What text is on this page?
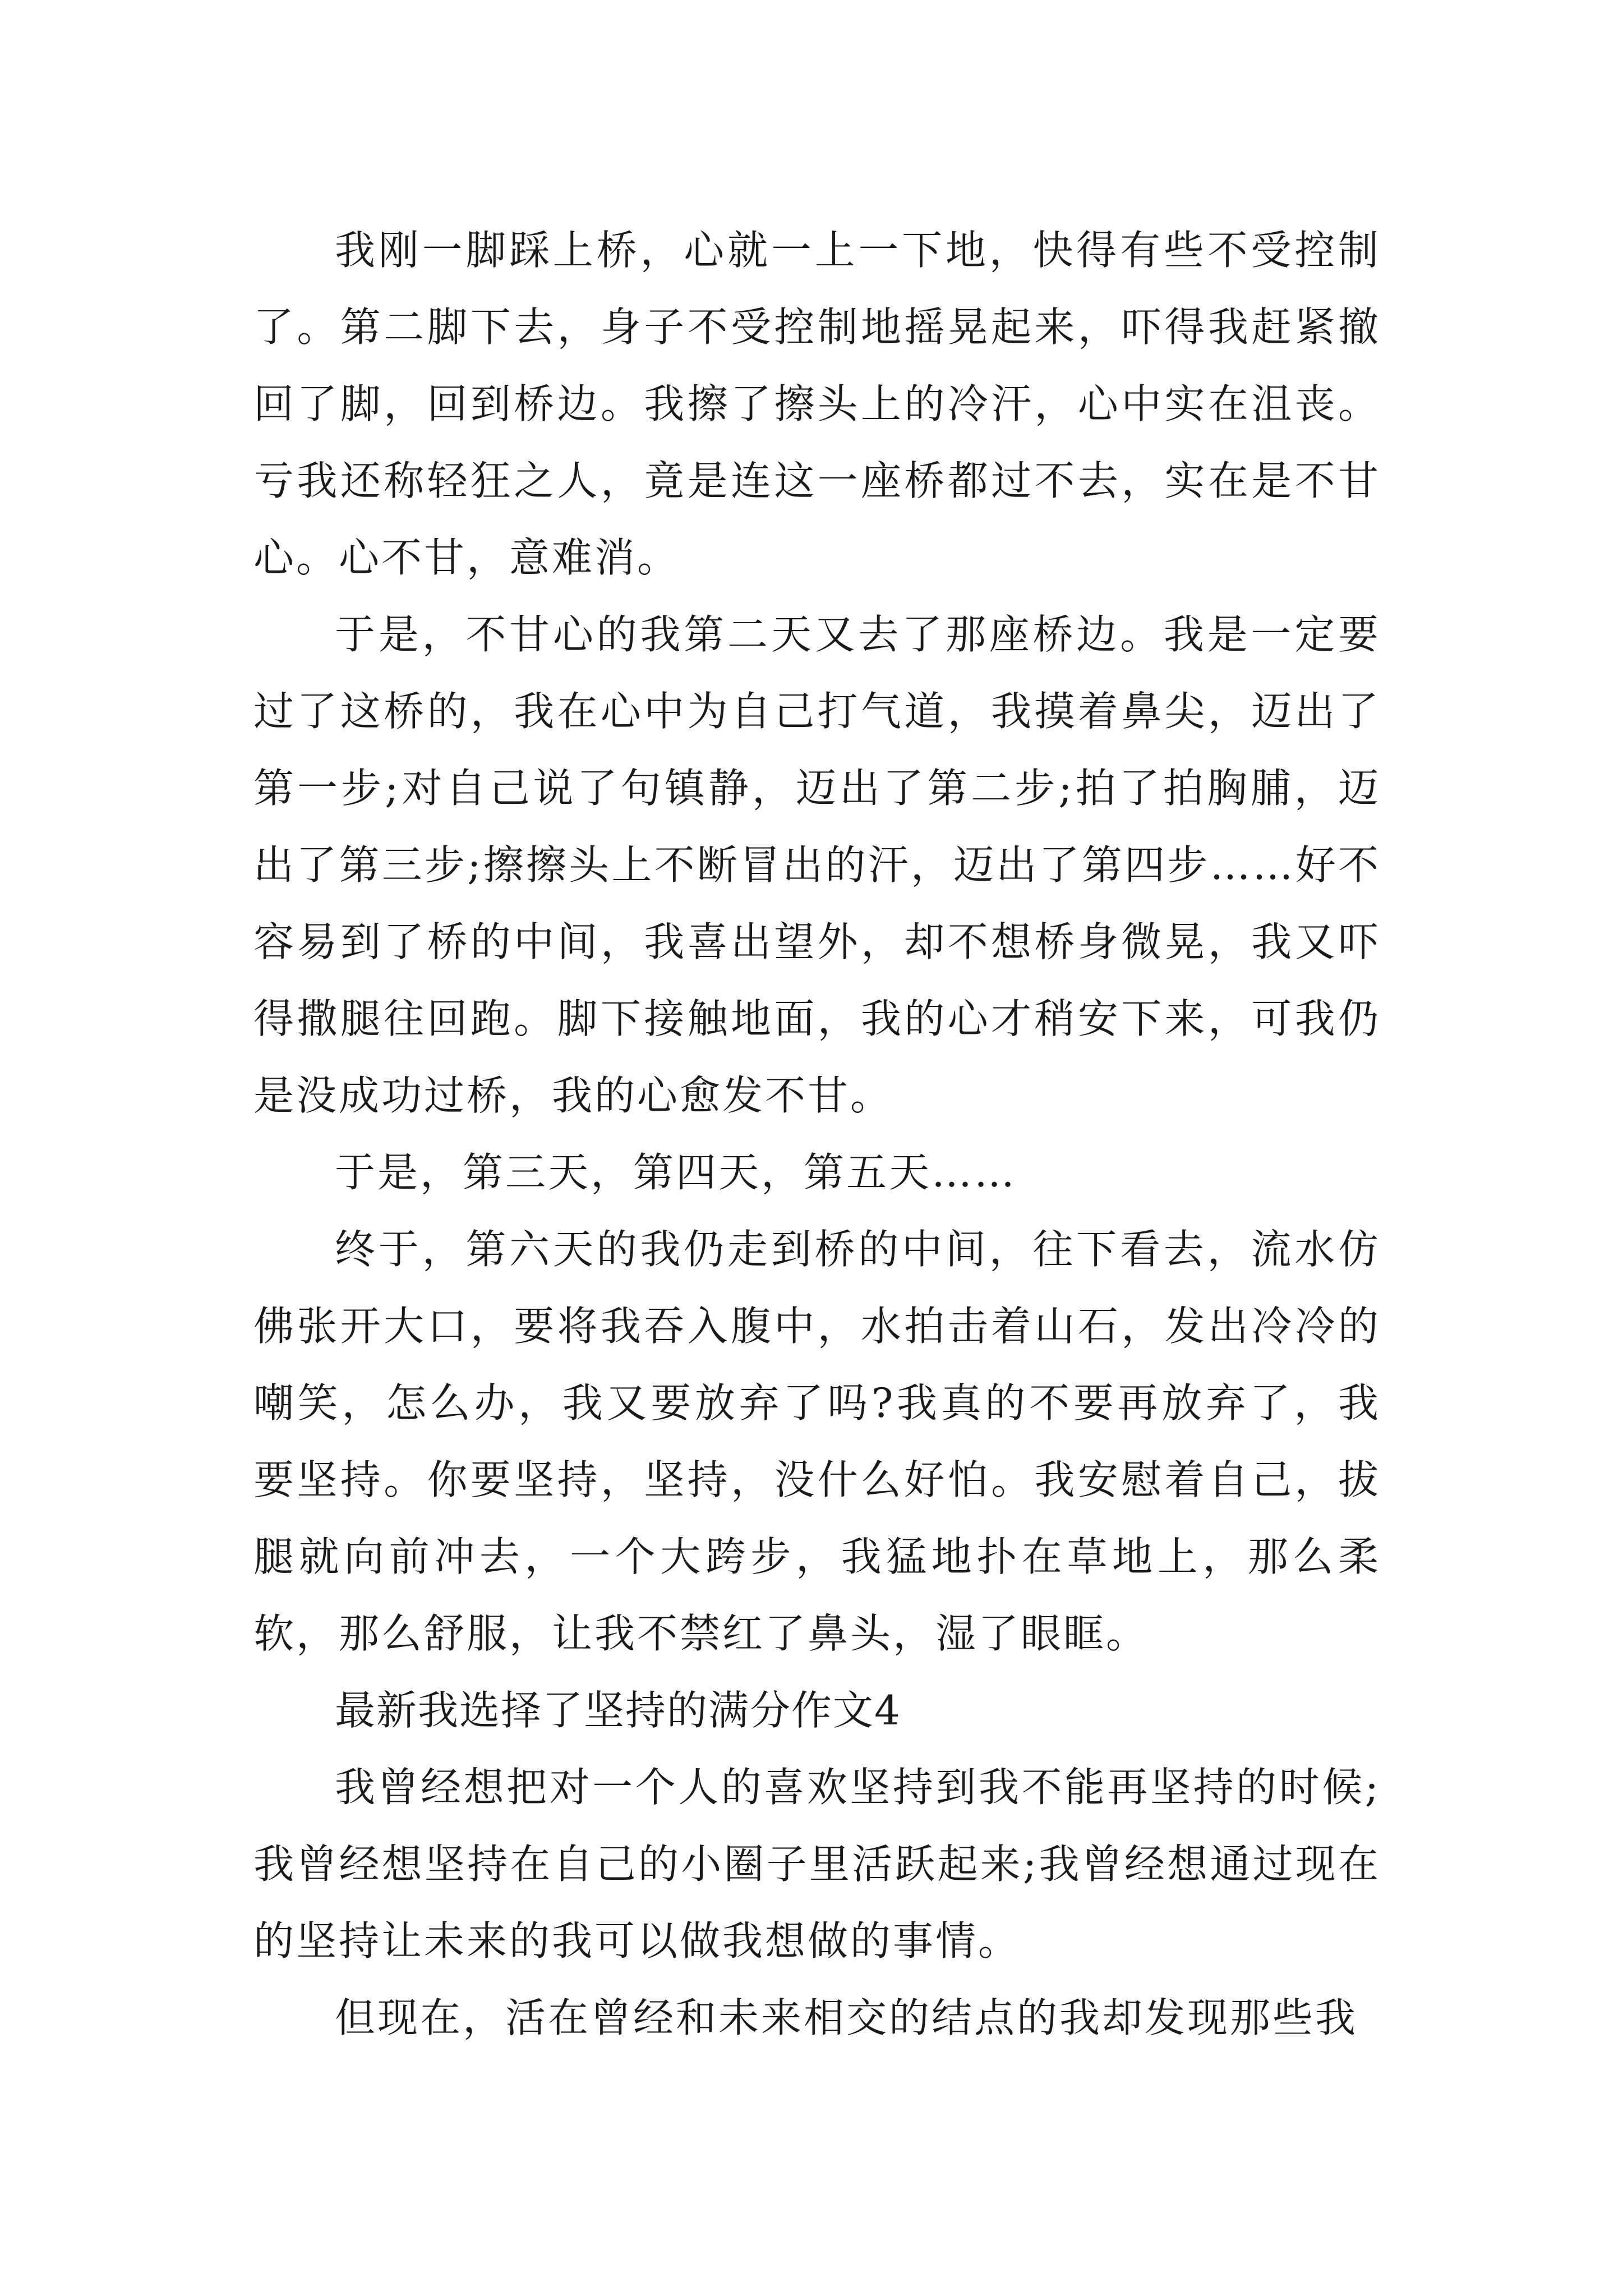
我刚一脚踩上桥，心就一上一下地，快得有些不受控制了。第二脚下去，身子不受控制地摇晃起来，吓得我赶紧撤回了脚，回到桥边。我擦了擦头上的冷汗，心中实在沮丧。亏我还称轻狂之人，竟是连这一座桥都过不去，实在是不甘心。心不甘，意难消。

于是，不甘心的我第二天又去了那座桥边。我是一定要过了这桥的，我在心中为自己打气道，我摸着鼻尖，迈出了第一步;对自己说了句镇静，迈出了第二步;拍了拍胸脯，迈出了第三步;擦擦头上不断冒出的汗，迈出了第四步……好不容易到了桥的中间，我喜出望外，却不想桥身微晃，我又吓得撒腿往回跑。脚下接触地面，我的心才稍安下来，可我仍是没成功过桥，我的心愈发不甘。

于是，第三天，第四天，第五天……

终于，第六天的我仍走到桥的中间，往下看去，流水仿佛张开大口，要将我吞入腹中，水拍击着山石，发出冷冷的嘲笑，怎么办，我又要放弃了吗?我真的不要再放弃了，我要坚持。你要坚持，坚持，没什么好怕。我安慰着自己，拔腿就向前冲去，一个大跨步，我猛地扑在草地上，那么柔软，那么舒服，让我不禁红了鼻头，湿了眼眶。

最新我选择了坚持的满分作文4

我曾经想把对一个人的喜欢坚持到我不能再坚持的时候;我曾经想坚持在自己的小圈子里活跃起来;我曾经想通过现在的坚持让未来的我可以做我想做的事情。

但现在，活在曾经和未来相交的结点的我却发现那些我
